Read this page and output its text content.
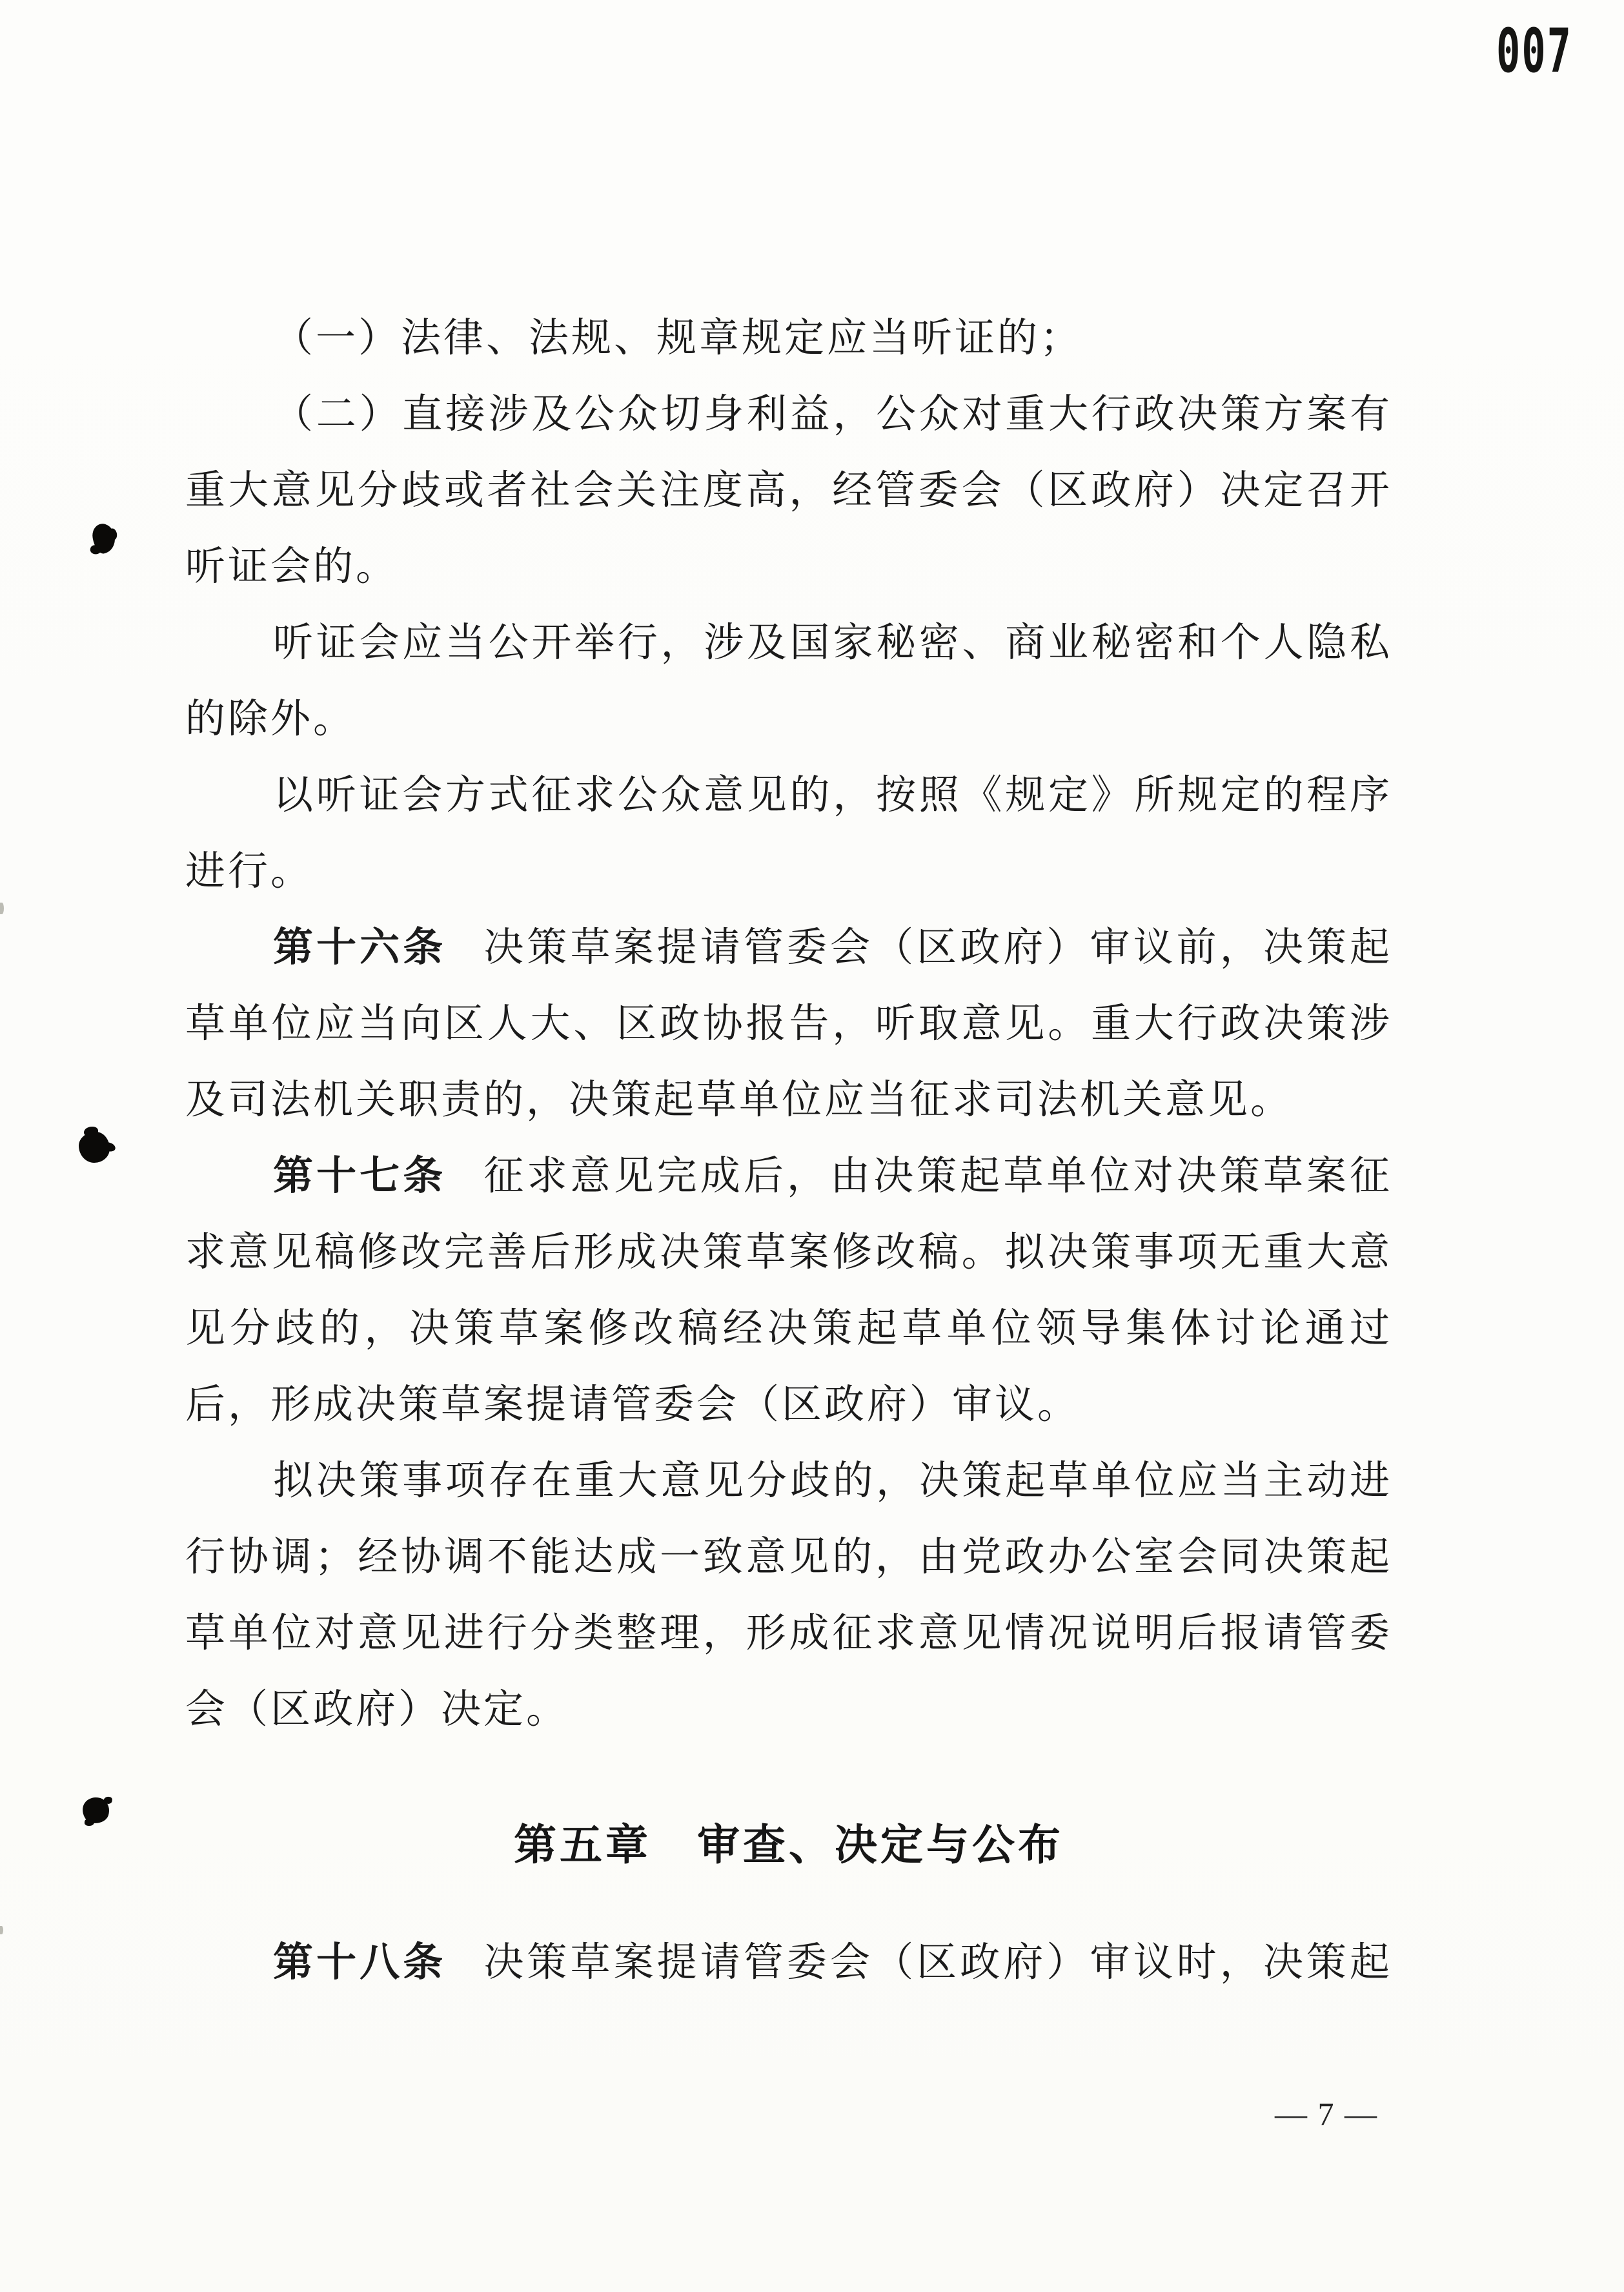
007

（一）法律、法规、规章规定应当听证的；

（二）直接涉及公众切身利益，公众对重大行政决策方案有

重大意见分歧或者社会关注度高，经管委会（区政府）决定召开

听证会的。

听证会应当公开举行，涉及国家秘密、商业秘密和个人隐私

的除外。

以听证会方式征求公众意见的，按照《规定》所规定的程序

进行。

第十六条 决策草案提请管委会（区政府）审议前，决策起

草单位应当向区人大、区政协报告，听取意见。重大行政决策涉

及司法机关职责的，决策起草单位应当征求司法机关意见。

第十七条 征求意见完成后，由决策起草单位对决策草案征

求意见稿修改完善后形成决策草案修改稿。拟决策事项无重大意

见分歧的，决策草案修改稿经决策起草单位领导集体讨论通过

后，形成决策草案提请管委会（区政府）审议。

拟决策事项存在重大意见分歧的，决策起草单位应当主动进

行协调；经协调不能达成一致意见的，由党政办公室会同决策起

草单位对意见进行分类整理，形成征求意见情况说明后报请管委

会（区政府）决定。

第五章　审查、决定与公布

第十八条 决策草案提请管委会（区政府）审议时，决策起

— 7 —
